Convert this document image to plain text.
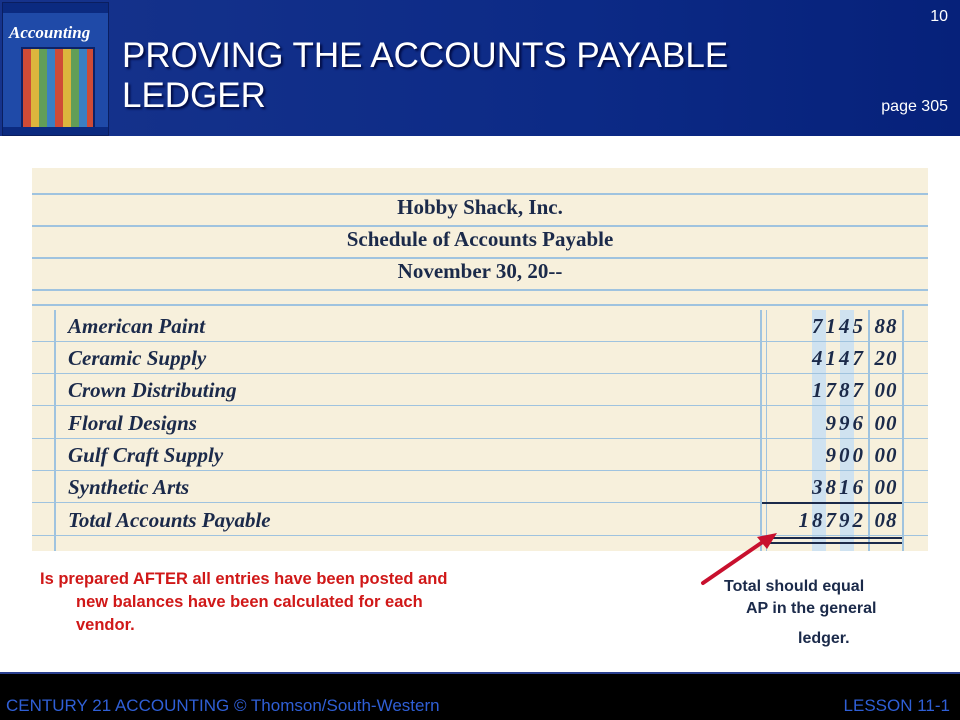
Accounting
PROVING THE ACCOUNTS PAYABLE
LEDGER
10
page 305
Hobby Shack, Inc.
Schedule of Accounts Payable
November 30, 20--
American Paint	7145 88
Ceramic Supply	4147 20
Crown Distributing	1787 00
Floral Designs	996 00
Gulf Craft Supply	900 00
Synthetic Arts	3816 00
Total Accounts Payable	18792 08
Is prepared AFTER all entries have been posted and
new balances have been calculated for each
vendor.
Total should equal
AP in the general
ledger.
CENTURY 21 ACCOUNTING © Thomson/South-Western	LESSON 11-1
